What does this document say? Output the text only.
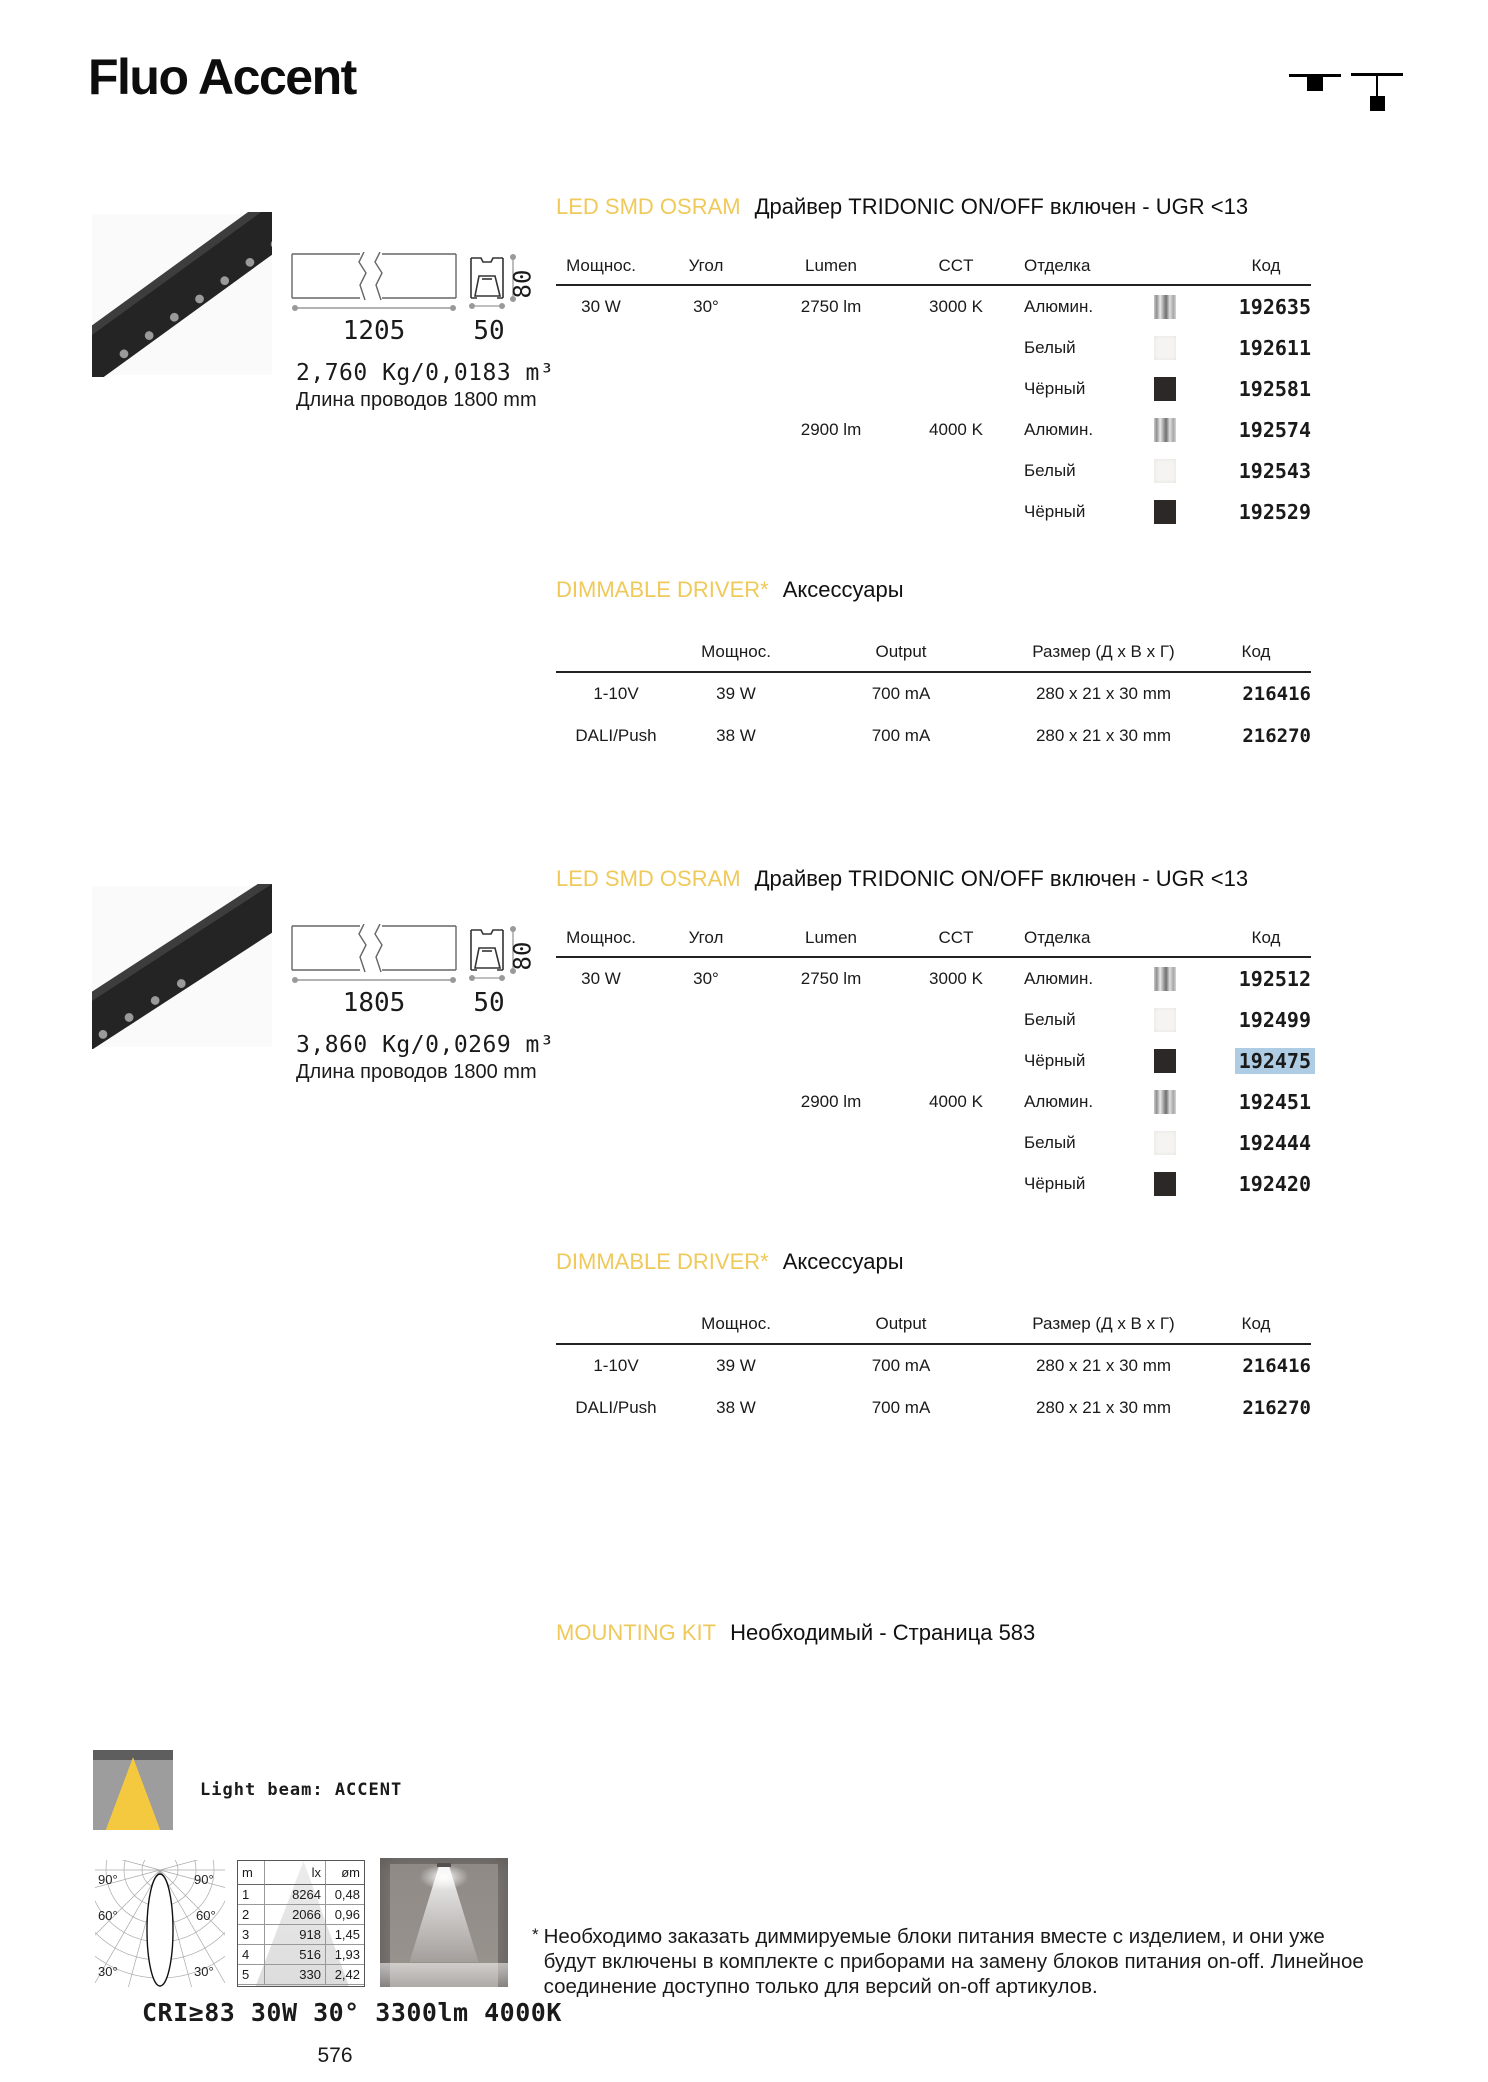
Fluo Accent
LED SMD OSRAM Драйвер TRIDONIC ON/OFF включен - UGR <13
1205
80
50
2,760 Kg/0,0183 m³
Длина проводов 1800 mm
Мощнос.	Угол	Lumen	CCT	Отделка	Код
30 W	30°	2750 lm	3000 K	Алюмин.	192635
Белый	192611
Чёрный	192581
2900 lm	4000 K	Алюмин.	192574
Белый	192543
Чёрный	192529
DIMMABLE DRIVER* Аксессуары
Мощнос.	Output	Размер (Д x В x Г)	Код
1-10V	39 W	700 mA	280 x 21 x 30 mm	216416
DALI/Push	38 W	700 mA	280 x 21 x 30 mm	216270
LED SMD OSRAM Драйвер TRIDONIC ON/OFF включен - UGR <13
1805
80
50
3,860 Kg/0,0269 m³
Длина проводов 1800 mm
Мощнос.	Угол	Lumen	CCT	Отделка	Код
30 W	30°	2750 lm	3000 K	Алюмин.	192512
Белый	192499
Чёрный	192475
2900 lm	4000 K	Алюмин.	192451
Белый	192444
Чёрный	192420
DIMMABLE DRIVER* Аксессуары
Мощнос.	Output	Размер (Д x В x Г)	Код
1-10V	39 W	700 mA	280 x 21 x 30 mm	216416
DALI/Push	38 W	700 mA	280 x 21 x 30 mm	216270
MOUNTING KIT Необходимый - Страница 583
Light beam: ACCENT
90°	90°
60°	60°
30°	30°
m	lx	øm
1	8264	0,48
2	2066	0,96
3	918	1,45
4	516	1,93
5	330	2,42
CRI≥83 30W 30° 3300lm 4000K
* Необходимо заказать диммируемые блоки питания вместе с изделием, и они уже будут включены в комплекте с приборами на замену блоков питания on-off. Линейное соединение доступно только для версий on-off артикулов.
576
